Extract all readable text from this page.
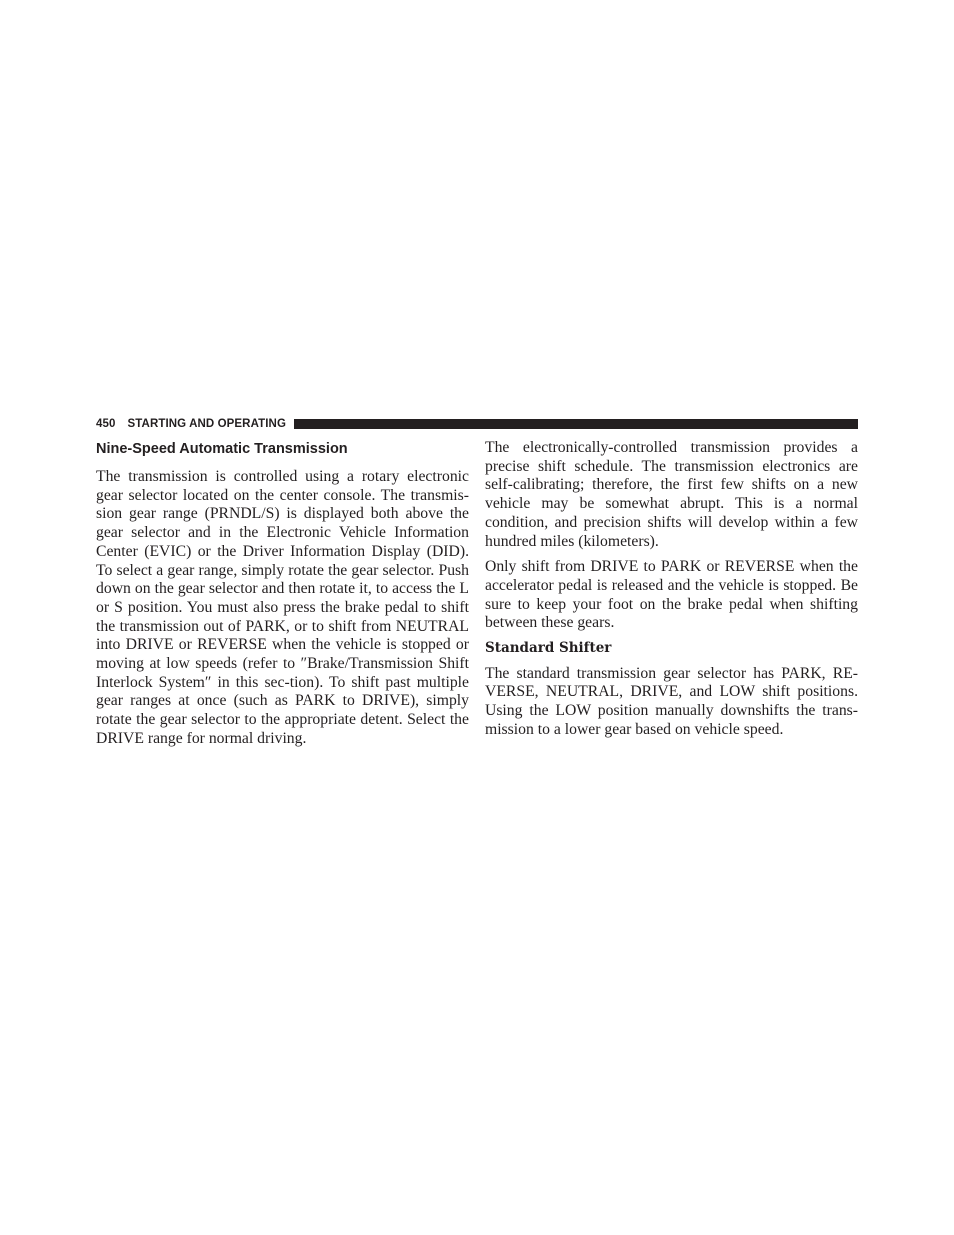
450 STARTING AND OPERATING
Nine-Speed Automatic Transmission

The transmission is controlled using a rotary electronic gear selector located on the center console. The transmis-sion gear range (PRNDL/S) is displayed both above the gear selector and in the Electronic Vehicle Information Center (EVIC) or the Driver Information Display (DID). To select a gear range, simply rotate the gear selector. Push down on the gear selector and then rotate it, to access the L or S position. You must also press the brake pedal to shift the transmission out of PARK, or to shift from NEUTRAL into DRIVE or REVERSE when the vehicle is stopped or moving at low speeds (refer to ″Brake/Transmission Shift Interlock System″ in this sec-tion). To shift past multiple gear ranges at once (such as PARK to DRIVE), simply rotate the gear selector to the appropriate detent. Select the DRIVE range for normal driving.

The electronically-controlled transmission provides a precise shift schedule. The transmission electronics are self-calibrating; therefore, the first few shifts on a new vehicle may be somewhat abrupt. This is a normal condition, and precision shifts will develop within a few hundred miles (kilometers).

Only shift from DRIVE to PARK or REVERSE when the accelerator pedal is released and the vehicle is stopped. Be sure to keep your foot on the brake pedal when shifting between these gears.

Standard Shifter

The standard transmission gear selector has PARK, RE-VERSE, NEUTRAL, DRIVE, and LOW shift positions. Using the LOW position manually downshifts the trans-mission to a lower gear based on vehicle speed.
